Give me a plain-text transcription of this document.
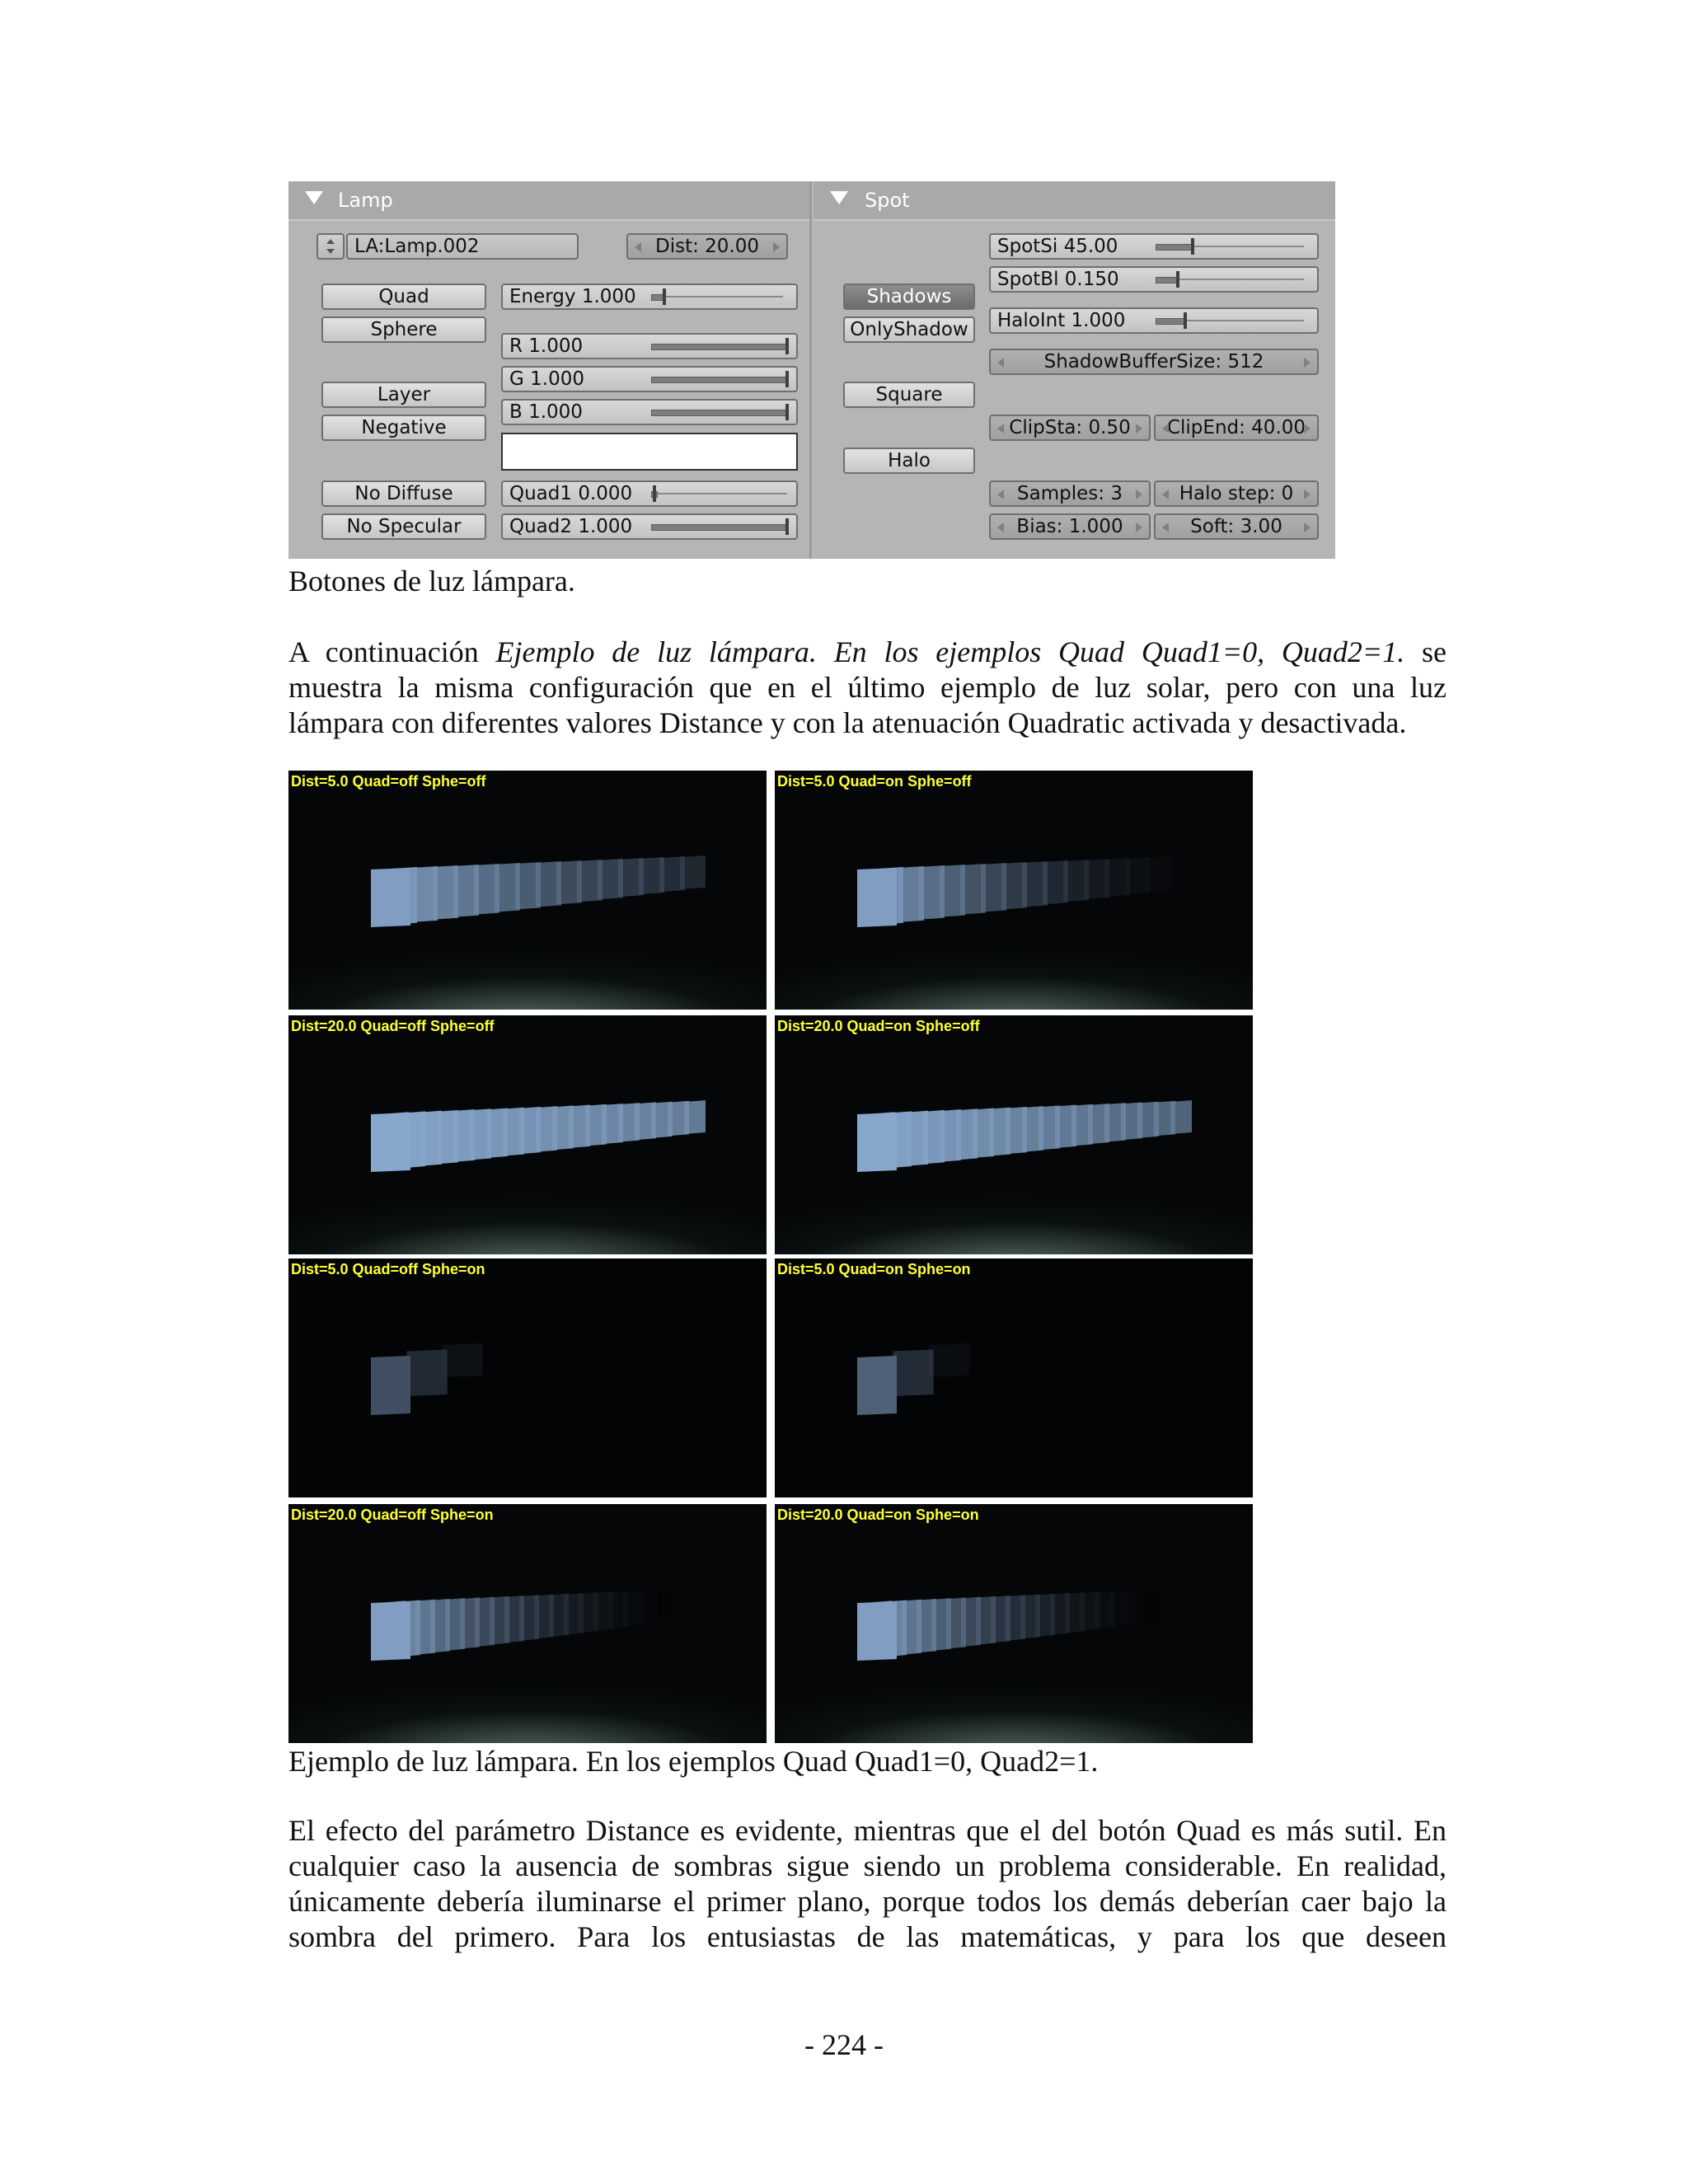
Lamp
LA:Lamp.002	Dist: 20.00
Quad
Sphere
Layer
Negative
No Diffuse
No Specular
Energy 1.000
R 1.000
G 1.000
B 1.000
Quad1 0.000
Quad2 1.000
Spot
Shadows
OnlyShadow
Square
Halo
SpotSi 45.00
SpotBl 0.150
HaloInt 1.000
ShadowBufferSize: 512
ClipSta: 0.50	ClipEnd: 40.00
Samples: 3	Halo step: 0
Bias: 1.000	Soft: 3.00
Botones de luz lámpara.
A continuación Ejemplo de luz lámpara. En los ejemplos Quad Quad1=0, Quad2=1. se
muestra la misma configuración que en el último ejemplo de luz solar, pero con una luz
lámpara con diferentes valores Distance y con la atenuación Quadratic activada y desactivada.
Dist=5.0 Quad=off Sphe=off	Dist=5.0 Quad=on Sphe=off
Dist=20.0 Quad=off Sphe=off	Dist=20.0 Quad=on Sphe=off
Dist=5.0 Quad=off Sphe=on	Dist=5.0 Quad=on Sphe=on
Dist=20.0 Quad=off Sphe=on	Dist=20.0 Quad=on Sphe=on
Ejemplo de luz lámpara. En los ejemplos Quad Quad1=0, Quad2=1.
El efecto del parámetro Distance es evidente, mientras que el del botón Quad es más sutil. En
cualquier caso la ausencia de sombras sigue siendo un problema considerable. En realidad,
únicamente debería iluminarse el primer plano, porque todos los demás deberían caer bajo la
sombra del primero. Para los entusiastas de las matemáticas, y para los que deseen
- 224 -
